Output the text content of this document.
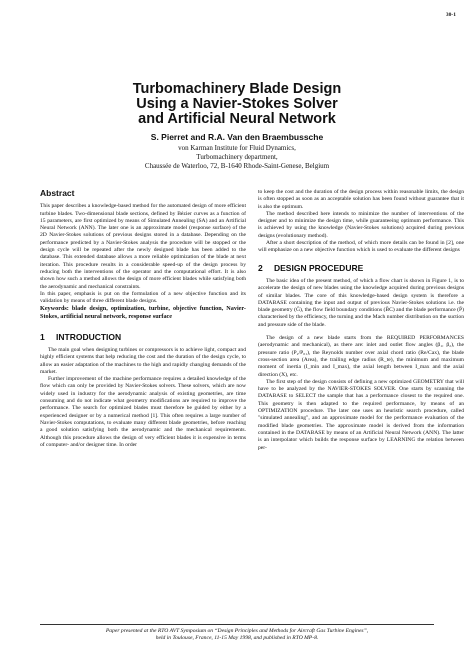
30-1

Turbomachinery Blade Design

Using a Navier-Stokes Solver

and Artificial Neural Network

S. Pierret and R.A. Van den Braembussche

von Karman Institute for Fluid Dynamics,

Turbomachinery department,

Chaussée de Waterloo, 72, B-1640 Rhode-Saint-Genese, Belgium

Abstract

This paper describes a knowledge-based method for the automated design of more efficient turbine blades. Two-dimensional blade sections, defined by Bézier curves as a function of 15 parameters, are first optimized by means of Simulated Annealing (SA) and an Artificial Neural Network (ANN). The later one is an approximate model (response surface) of the 2D Navier-Stokes solutions of previous designs stored in a database. Depending on the performance predicted by a Navier-Stokes analysis the procedure will be stopped or the design cycle will be repeated after the newly designed blade has been added to the database. This extended database allows a more reliable optimization of the blade at next iteration. This procedure results in a considerable speed-up of the design process by reducing both the interventions of the operator and the computational effort. It is also shown how such a method allows the design of more efficient blades while satisfying both the aerodynamic and mechanical constraints.

In this paper, emphasis is put on the formulation of a new objective function and its validation by means of three different blade designs.

Keywords: blade design, optimization, turbine, objective function, Navier-Stokes, artificial neural network, response surface

1 INTRODUCTION

The main goal when designing turbines or compressors is to achieve light, compact and highly efficient systems that help reducing the cost and the duration of the design cycle, to allow an easier adaptation of the machines to the high and rapidly changing demands of the market.

Further improvement of the machine performance requires a detailed knowledge of the flow which can only be provided by Navier-Stokes solvers. These solvers, which are now widely used in industry for the aerodynamic analysis of existing geometries, are time consuming and do not indicate what geometry modifications are required to improve the performance. The search for optimized blades must therefore be guided by either by a experienced designer or by a numerical method [1]. This often requires a large number of Navier-Stokes computations, to evaluate many different blade geometries, before reaching a good solution satisfying both the aerodynamic and the mechanical requirements. Although this procedure allows the design of very efficient blades it is expensive in terms of computer- and/or designer time. In order

to keep the cost and the duration of the design process within reasonable limits, the design is often stopped as soon as an acceptable solution has been found without guarantee that it is also the optimum.

The method described here intends to minimize the number of interventions of the designer and to minimize the design time, while guaranteeing optimum performance. This is achieved by using the knowledge (Navier-Stokes solutions) acquired during previous designs (evolutionary method).

After a short description of the method, of which more details can be found in [2], one will emphasize on a new objective function which is used to evaluate the different designs

2 DESIGN PROCEDURE

The basic idea of the present method, of which a flow chart is shown in Figure 1, is to accelerate the design of new blades using the knowledge acquired during previous designs of similar blades. The core of this knowledge-based design system is therefore a DATABASE containing the input and output of previous Navier-Stokes solutions i.e. the blade geometry (Ḡ), the flow field boundary conditions (B̄C) and the blade performance (P̄) characterised by the efficiency, the turning and the Mach number distribution on the suction and pressure side of the blade.

The design of a new blade starts from the REQUIRED PERFORMANCES (aerodynamic and mechanical), as there are: inlet and outlet flow angles (β₁, β₂), the pressure ratio (P₂/P₀₁), the Reynolds number over axial chord ratio (Re/Cax), the blade cross-section area (Area), the trailing edge radius (R_te), the minimum and maximum moment of inertia (I_min and I_max), the axial length between I_max and the axial direction (X), etc.

The first step of the design consists of defining a new optimized GEOMETRY that will have to be analyzed by the NAVIER-STOKES SOLVER. One starts by scanning the DATABASE to SELECT the sample that has a performance closest to the required one. This geometry is then adapted to the required performance, by means of an OPTIMIZATION procedure. The later one uses an heuristic search procedure, called "simulated annealing", and an approximate model for the performance evaluation of the modified blade geometries. The approximate model is derived from the information contained in the DATABASE by means of an Artificial Neural Network (ANN). The latter is an interpolator which builds the response surface by LEARNING the relation between per-

Paper presented at the RTO AVT Symposium on “Design Principles and Methods for Aircraft Gas Turbine Engines”,
held in Toulouse, France, 11-15 May 1998, and published in RTO MP-8.
